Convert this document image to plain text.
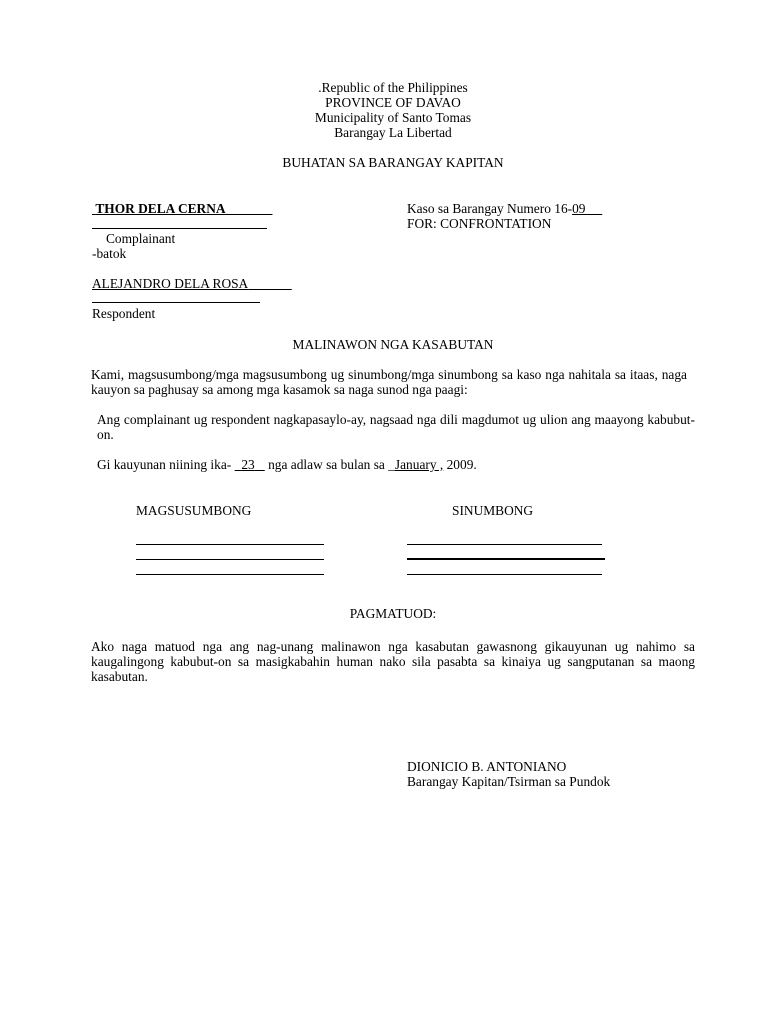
.Republic of the Philippines
PROVINCE OF DAVAO
Municipality of Santo Tomas
Barangay La Libertad
BUHATAN SA BARANGAY KAPITAN
THOR DELA CERNA
Complainant
-batok
Kaso sa Barangay Numero 16-09
FOR: CONFRONTATION
ALEJANDRO DELA ROSA
Respondent
MALINAWON NGA KASABUTAN
Kami, magsusumbong/mga magsusumbong ug sinumbong/mga sinumbong sa kaso nga nahitala sa itaas, naga kauyon sa paghusay sa among mga kasamok sa naga sunod nga paagi:
Ang complainant ug respondent nagkapasaylo-ay, nagsaad nga dili magdumot ug ulion ang maayong kabubut-on.
Gi kauyunan niining ika-   23    nga adlaw sa bulan sa _January , 2009.
MAGSUSUMBONG	SINUMBONG
PAGMATUOD:
Ako naga matuod nga ang nag-unang malinawon nga kasabutan gawasnong gikauyunan ug nahimo sa kaugalingong kabubut-on sa masigkabahin human nako sila pasabta sa kinaiya ug sangputanan sa maong kasabutan.
DIONICIO B. ANTONIANO
Barangay Kapitan/Tsirman sa Pundok
